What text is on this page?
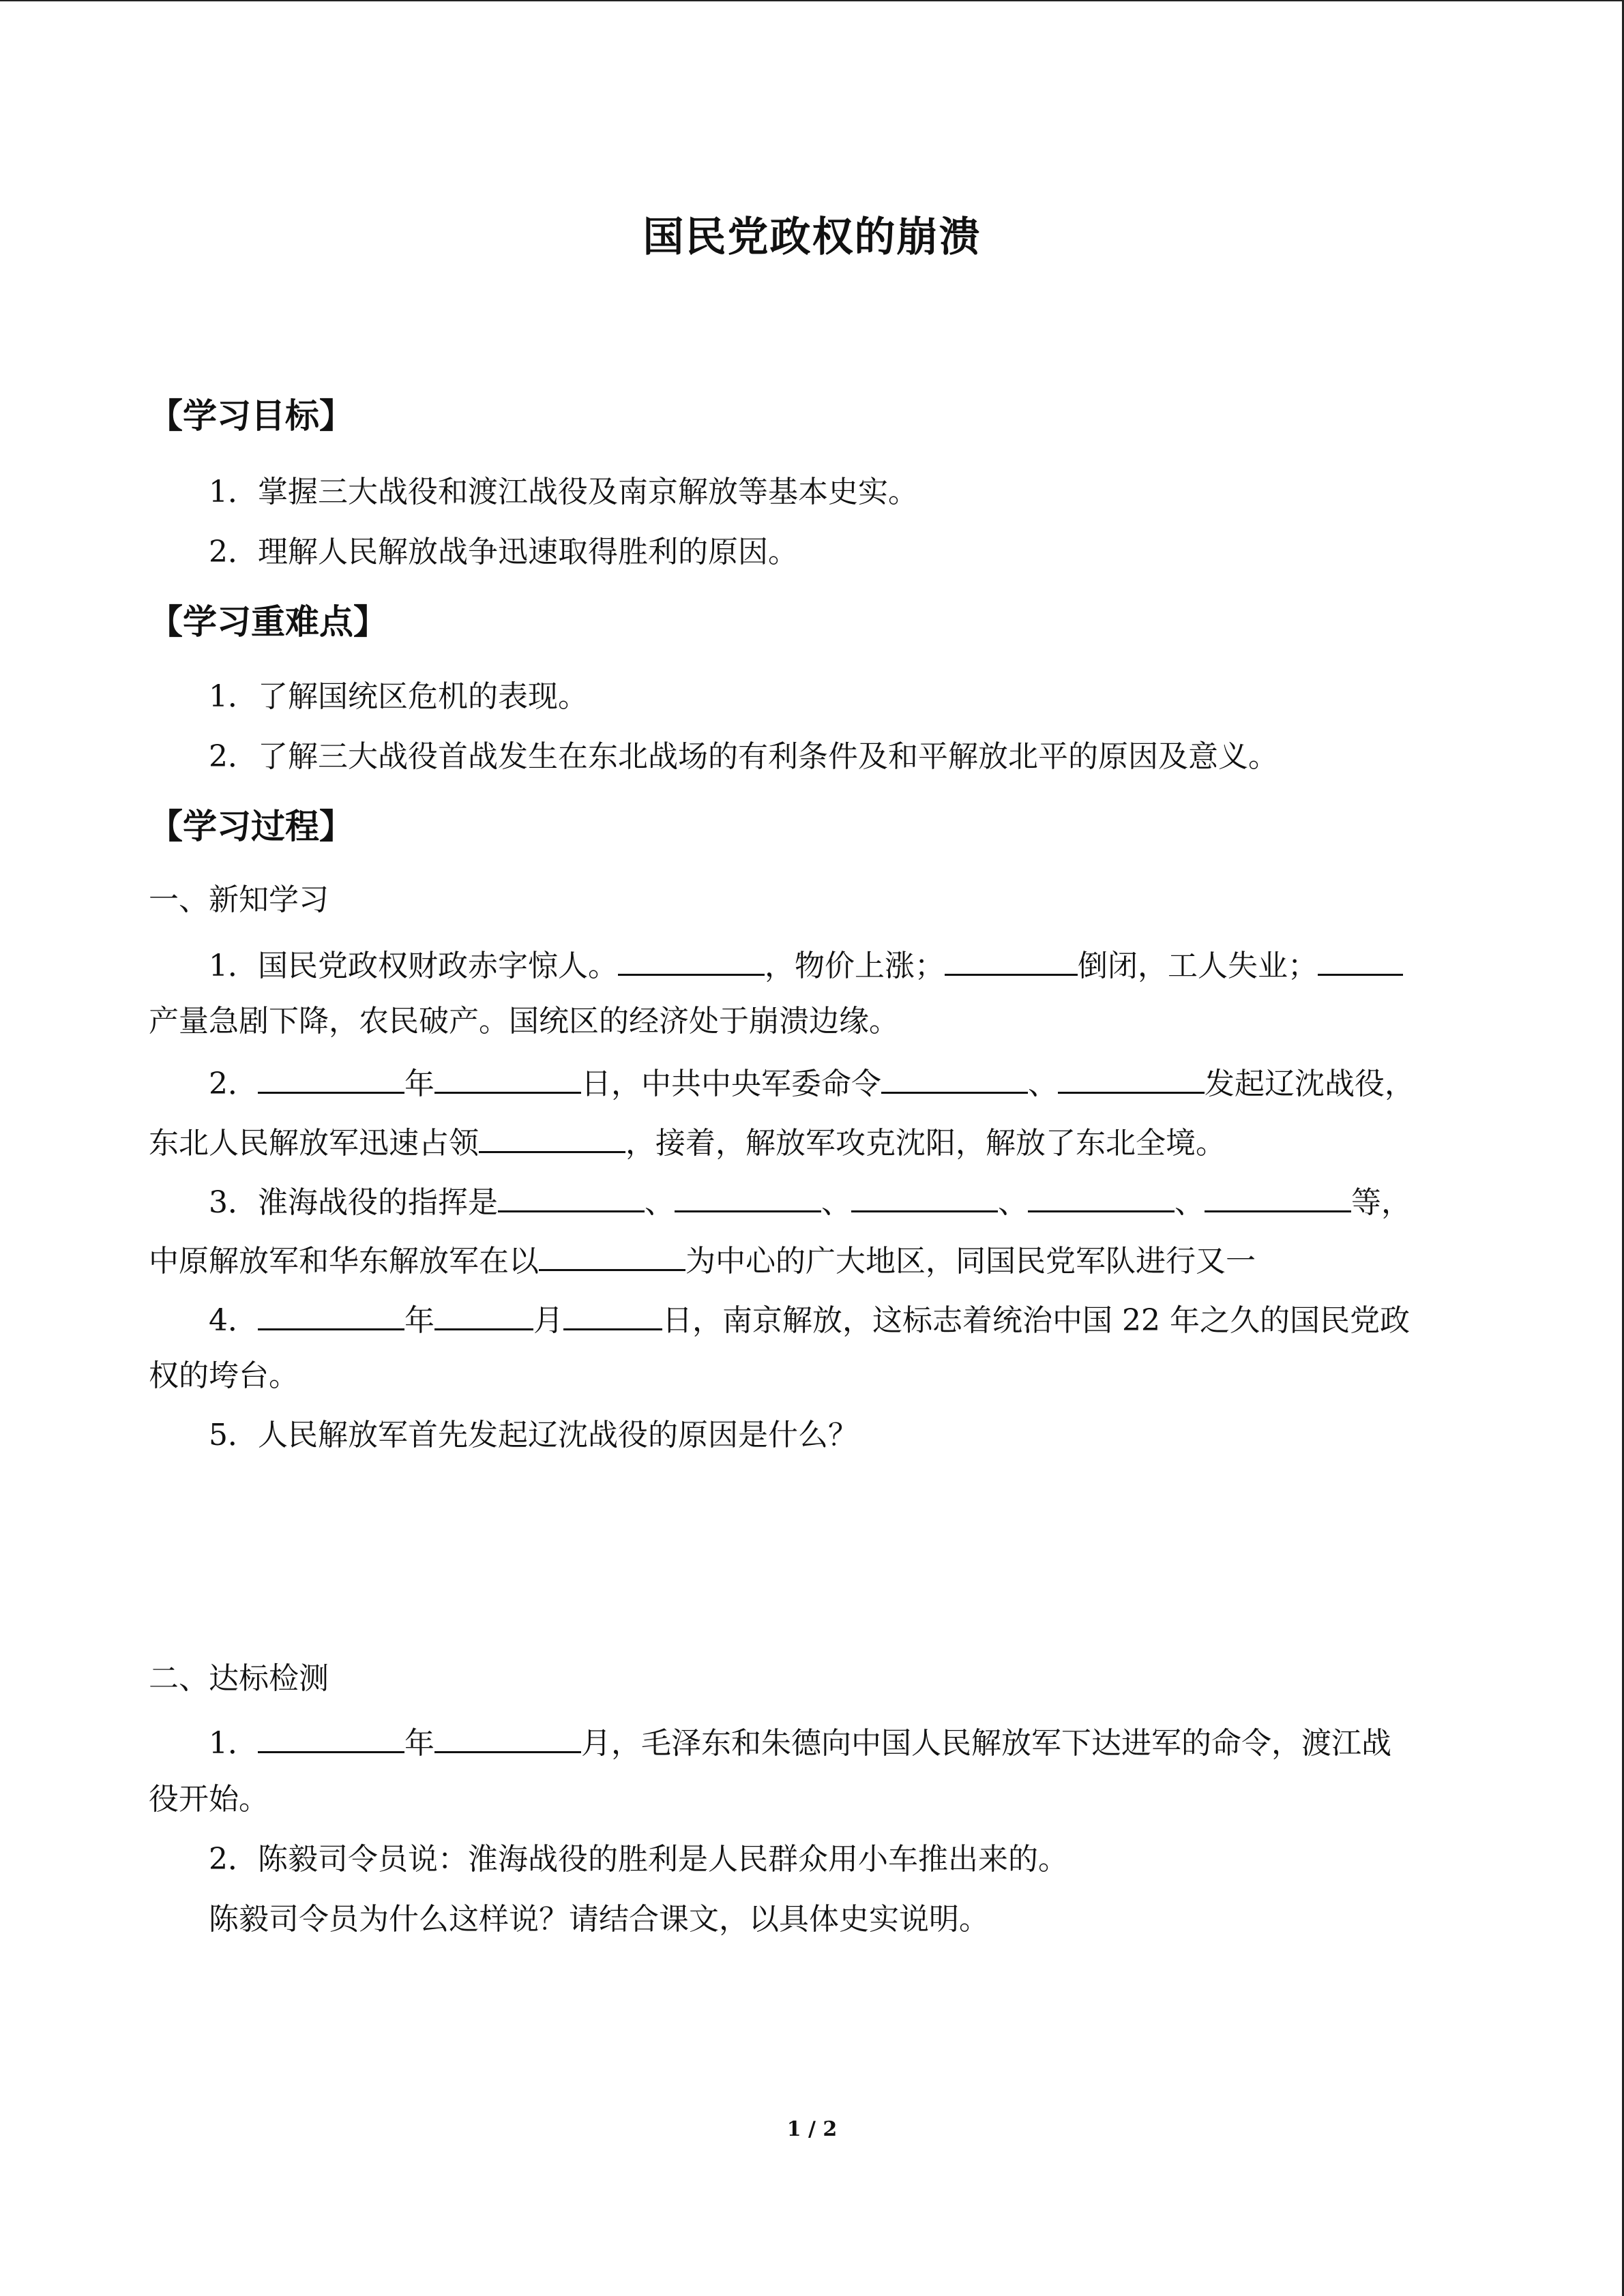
国民党政权的崩溃
【学习目标】
1．掌握三大战役和渡江战役及南京解放等基本史实。
2．理解人民解放战争迅速取得胜利的原因。
【学习重难点】
1．了解国统区危机的表现。
2．了解三大战役首战发生在东北战场的有利条件及和平解放北平的原因及意义。
【学习过程】
一、新知学习
1．国民党政权财政赤字惊人。	，物价上涨；	倒闭，工人失业；
产量急剧下降，农民破产。国统区的经济处于崩溃边缘。
2．	年	日，中共中央军委命令	、	发起辽沈战役，
东北人民解放军迅速占领	，接着，解放军攻克沈阳，解放了东北全境。
3．淮海战役的指挥是	、	、	、	、	等，
中原解放军和华东解放军在以	为中心的广大地区，同国民党军队进行又一
4．	年	月	日，南京解放，这标志着统治中国 22 年之久的国民党政
权的垮台。
5．人民解放军首先发起辽沈战役的原因是什么？
二、达标检测
1．	年	月，毛泽东和朱德向中国人民解放军下达进军的命令，渡江战
役开始。
2．陈毅司令员说：淮海战役的胜利是人民群众用小车推出来的。
陈毅司令员为什么这样说？请结合课文，以具体史实说明。
1 / 2
